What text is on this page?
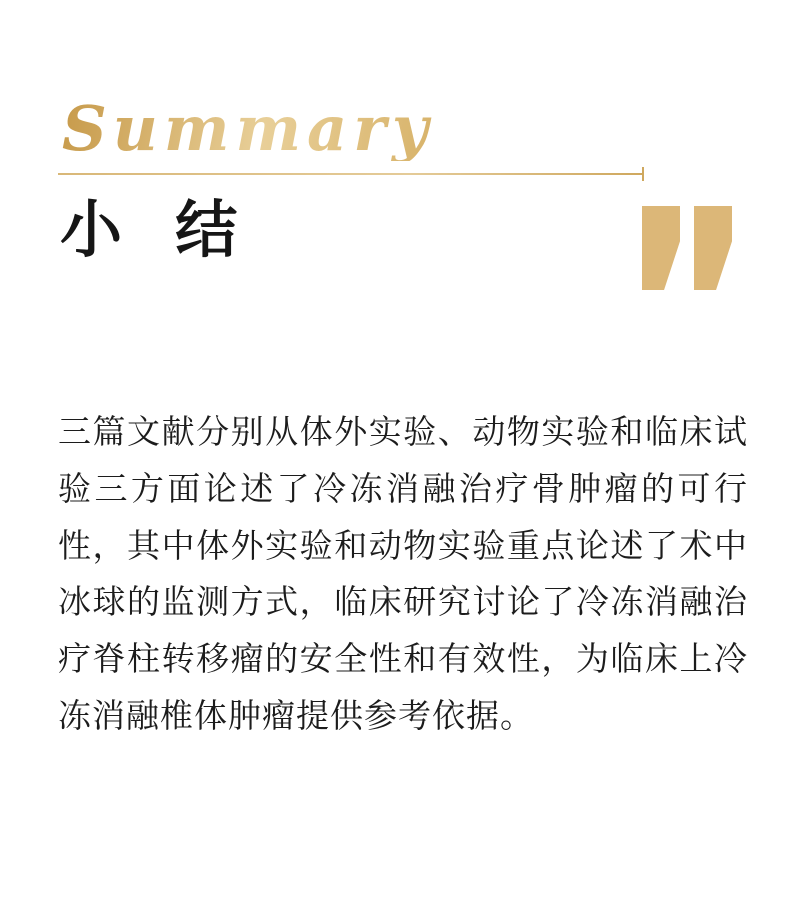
Summary
小 结
三篇文献分别从体外实验、动物实验和临床试验三方面论述了冷冻消融治疗骨肿瘤的可行性，其中体外实验和动物实验重点论述了术中冰球的监测方式，临床研究讨论了冷冻消融治疗脊柱转移瘤的安全性和有效性，为临床上冷冻消融椎体肿瘤提供参考依据。
